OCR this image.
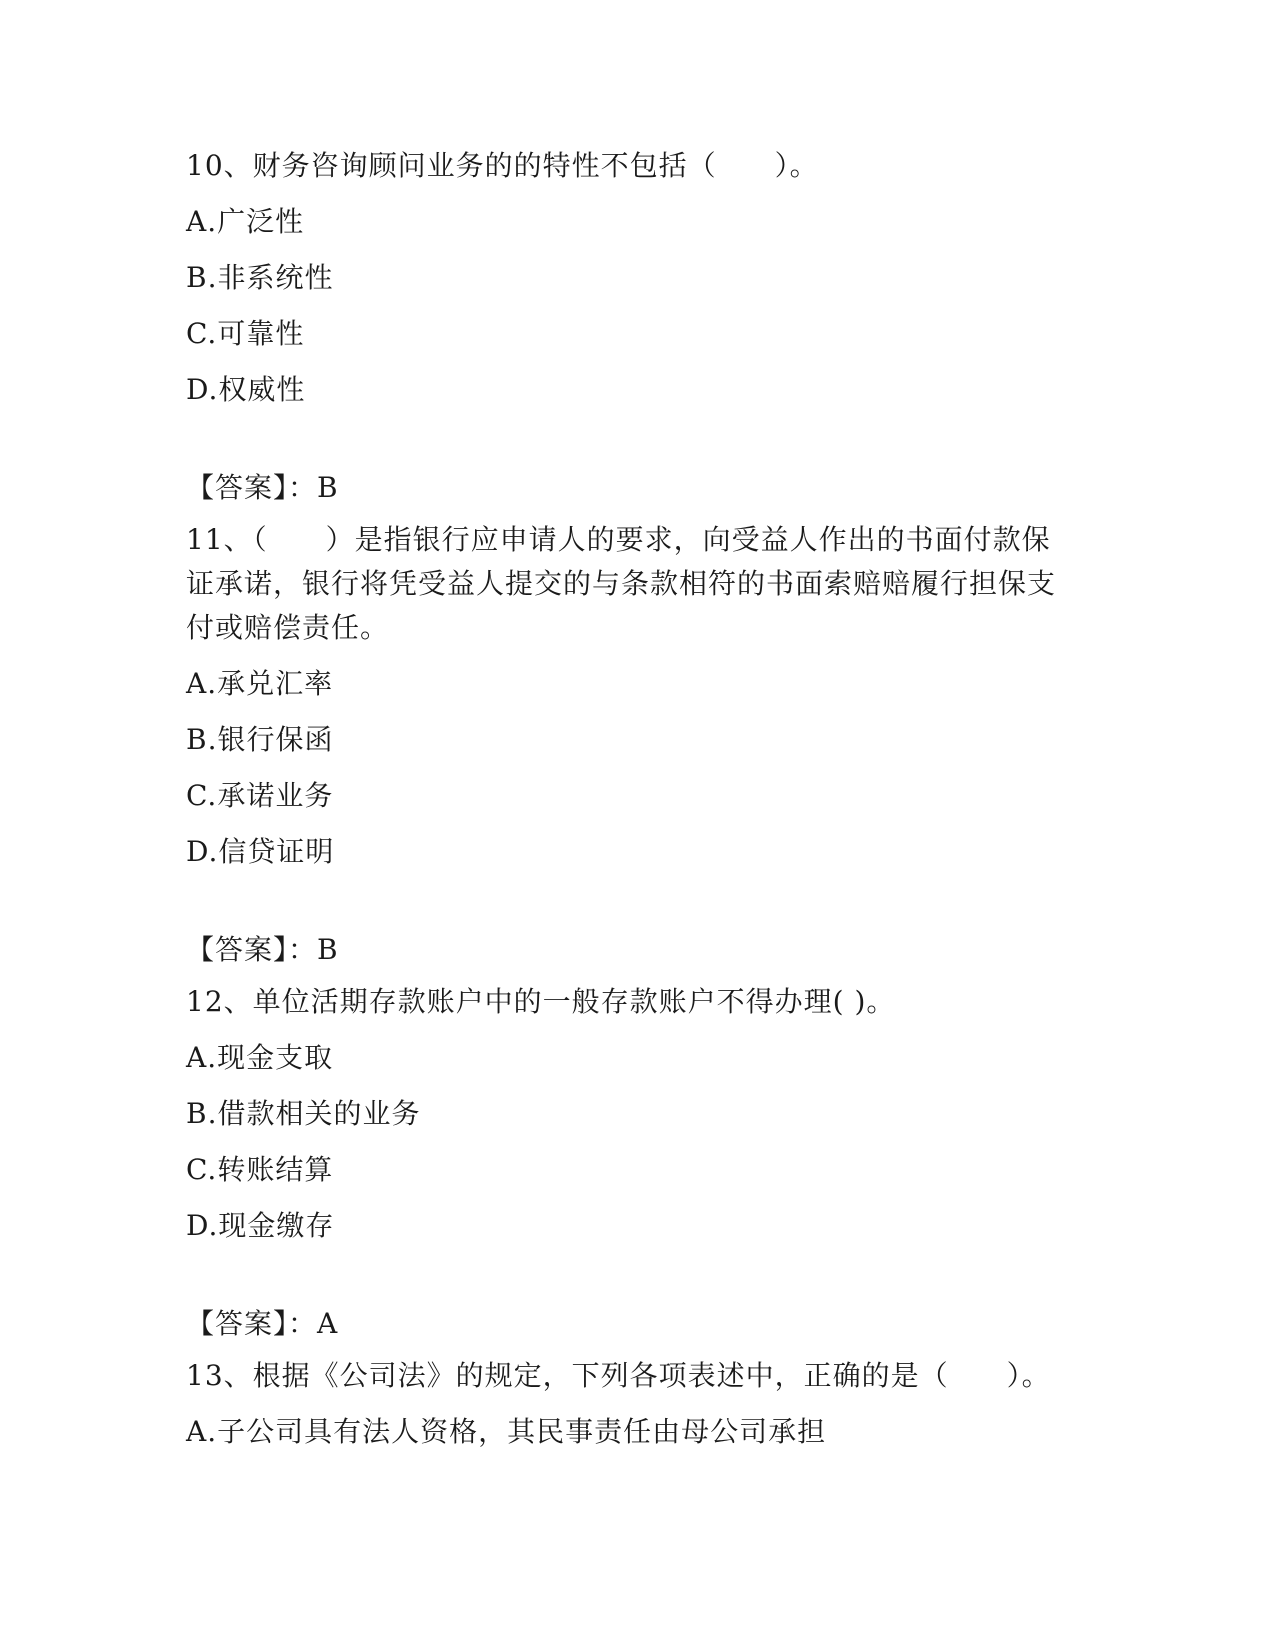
10、财务咨询顾问业务的的特性不包括（　　）。

A.广泛性

B.非系统性

C.可靠性

D.权威性

【答案】：B

11、（　　）是指银行应申请人的要求，向受益人作出的书面付款保证承诺，银行将凭受益人提交的与条款相符的书面索赔赔履行担保支付或赔偿责任。

A.承兑汇率

B.银行保函

C.承诺业务

D.信贷证明

【答案】：B

12、单位活期存款账户中的一般存款账户不得办理( )。

A.现金支取

B.借款相关的业务

C.转账结算

D.现金缴存

【答案】：A

13、根据《公司法》的规定，下列各项表述中，正确的是（　　）。

A.子公司具有法人资格，其民事责任由母公司承担
